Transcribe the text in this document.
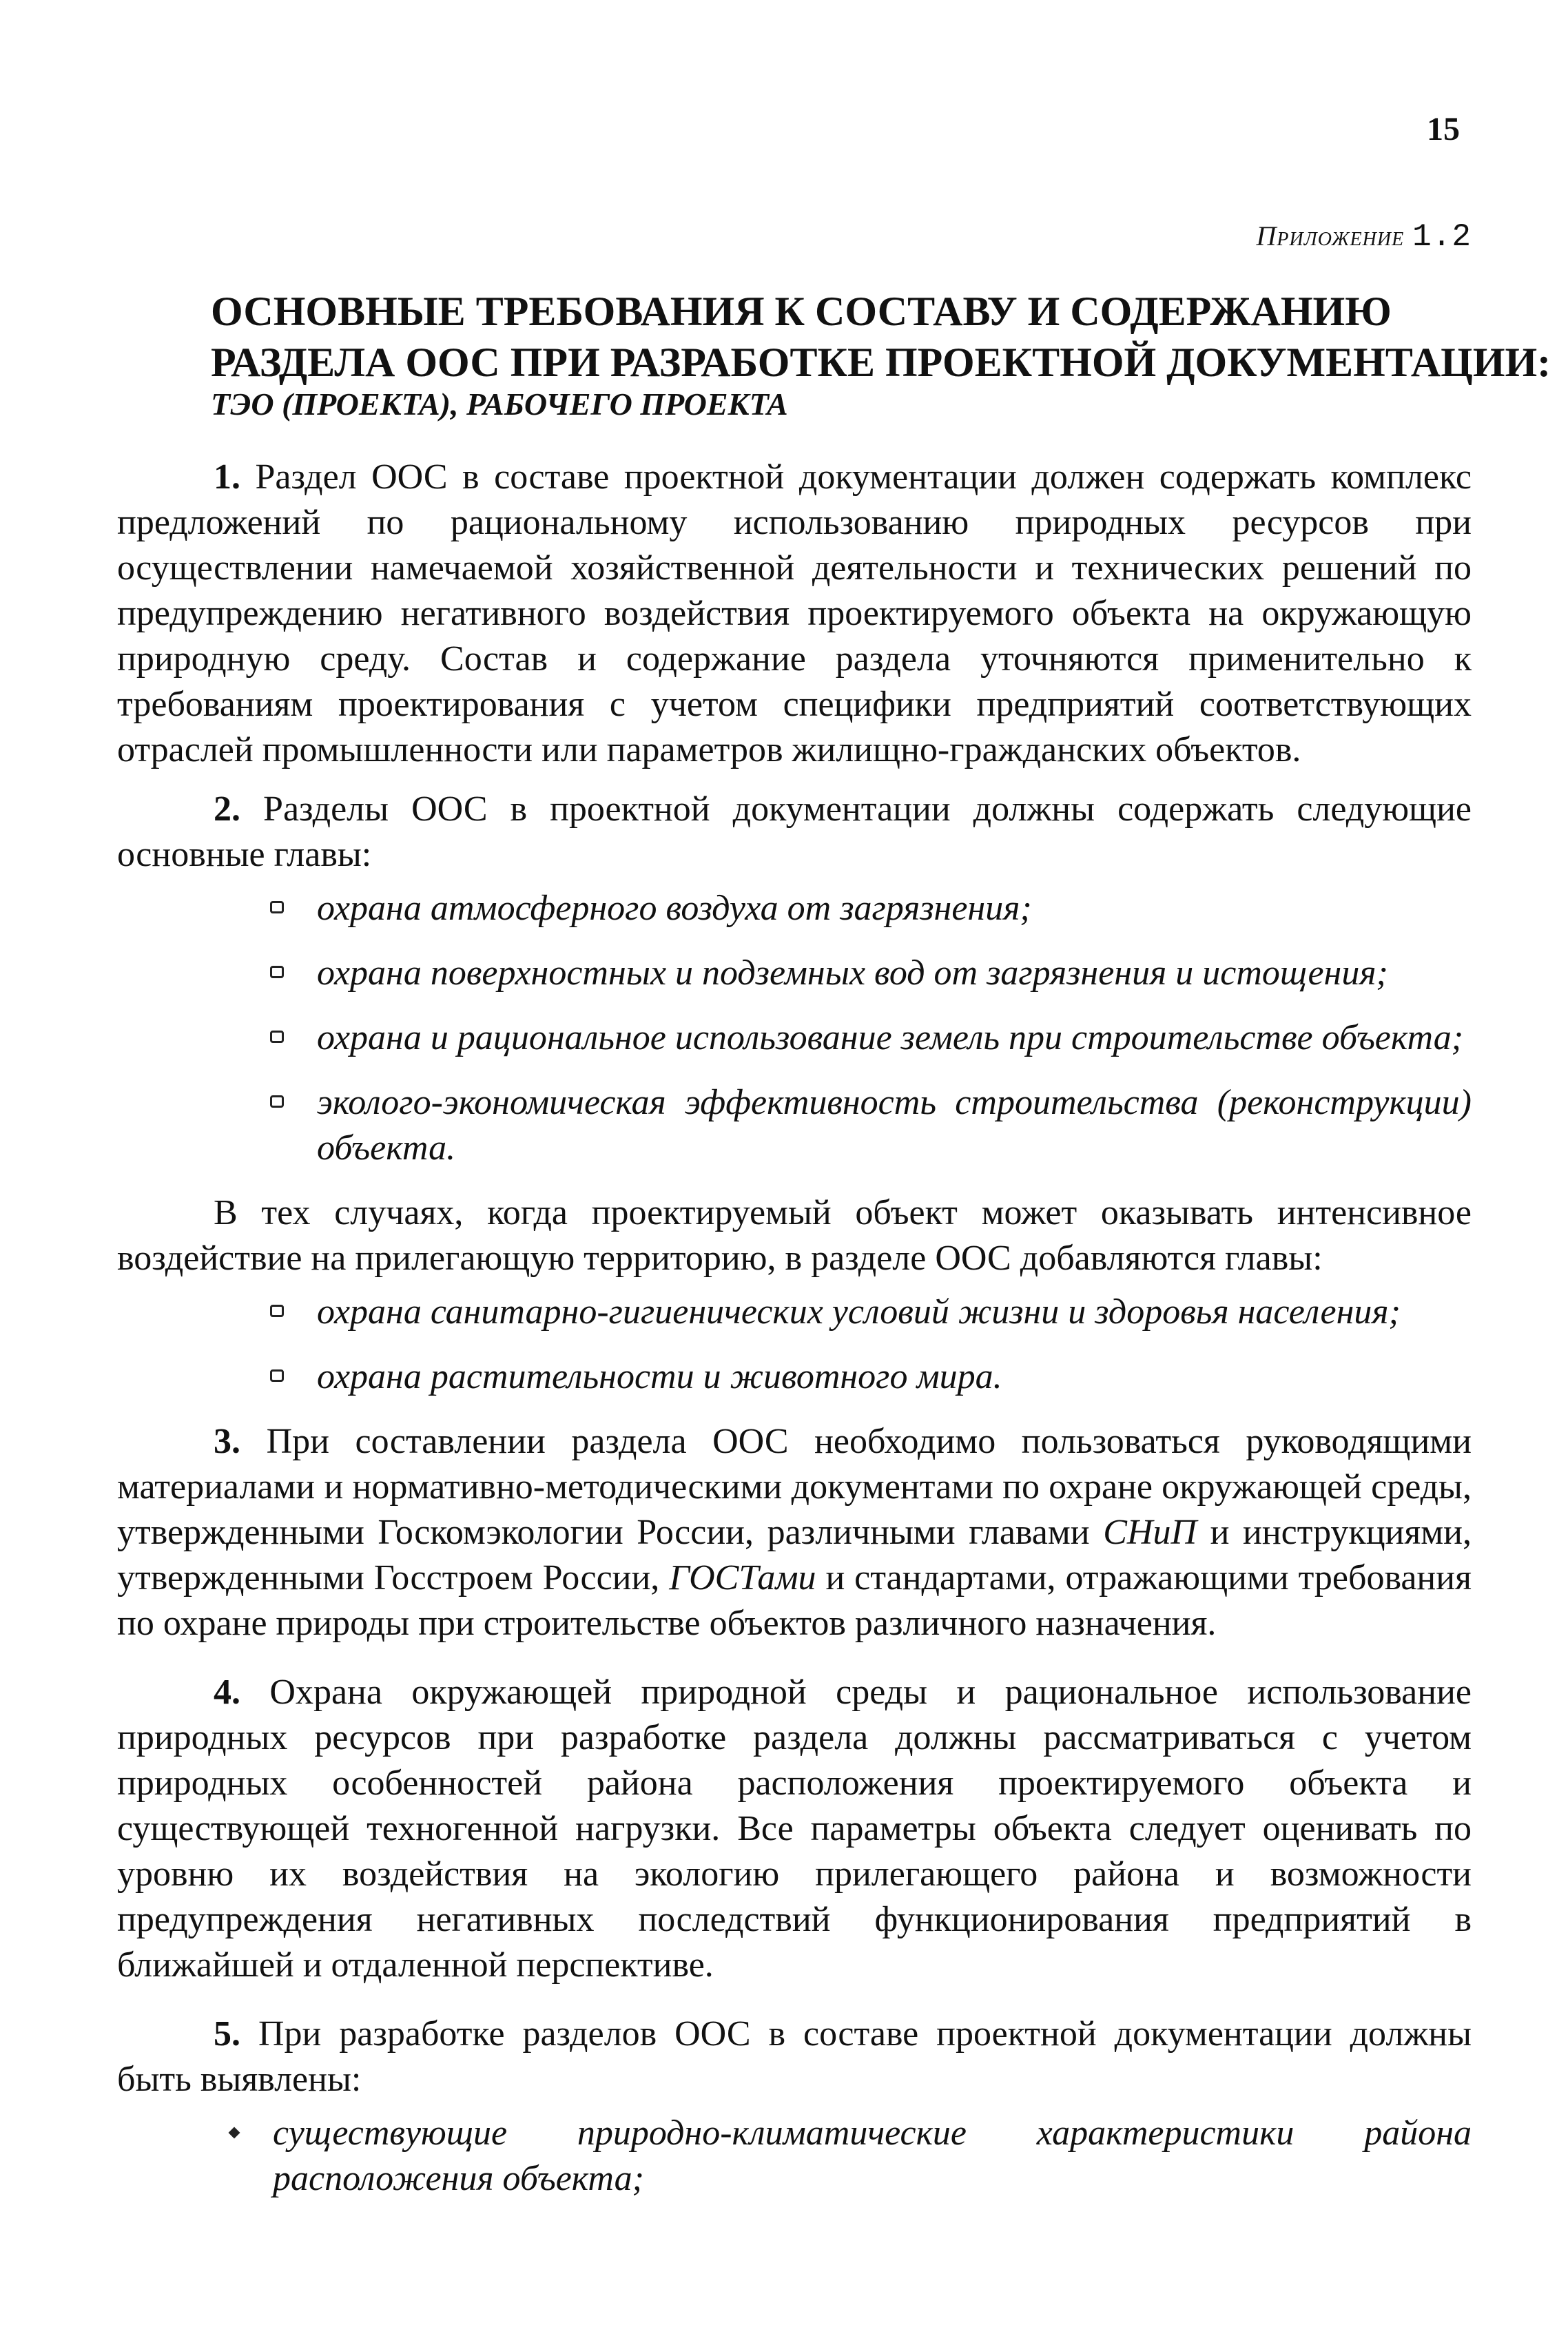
15
Приложение 1.2
ОСНОВНЫЕ ТРЕБОВАНИЯ К СОСТАВУ И СОДЕРЖАНИЮ
РАЗДЕЛА ООС ПРИ РАЗРАБОТКЕ ПРОЕКТНОЙ ДОКУМЕНТАЦИИ:
ТЭО (ПРОЕКТА), РАБОЧЕГО ПРОЕКТА

1. Раздел ООС в составе проектной документации должен содержать комплекс предложений по рациональному использованию природных ресурсов при осуществлении намечаемой хозяйственной деятельности и технических решений по предупреждению негативного воздействия проектируемого объекта на окружающую природную среду. Состав и содержание раздела уточняются применительно к требованиям проектирования с учетом специфики предприятий соответствующих отраслей промышленности или параметров жилищно-гражданских объектов.

2. Разделы ООС в проектной документации должны содержать следующие основные главы:

охрана атмосферного воздуха от загрязнения;
охрана поверхностных и подземных вод от загрязнения и истощения;
охрана и рациональное использование земель при строительстве объекта;
эколого-экономическая эффективность строительства (реконструкции) объекта.

В тех случаях, когда проектируемый объект может оказывать интенсивное воздействие на прилегающую территорию, в разделе ООС добавляются главы:

охрана санитарно-гигиенических условий жизни и здоровья населения;
охрана растительности и животного мира.

3. При составлении раздела ООС необходимо пользоваться руководящими материалами и нормативно-методическими документами по охране окружающей среды, утвержденными Госкомэкологии России, различными главами СНиП и инструкциями, утвержденными Госстроем России, ГОСТами и стандартами, отражающими требования по охране природы при строительстве объектов различного назначения.

4. Охрана окружающей природной среды и рациональное использование природных ресурсов при разработке раздела должны рассматриваться с учетом природных особенностей района расположения проектируемого объекта и существующей техногенной нагрузки. Все параметры объекта следует оценивать по уровню их воздействия на экологию прилегающего района и возможности предупреждения негативных последствий функционирования предприятий в ближайшей и отдаленной перспективе.

5. При разработке разделов ООС в составе проектной документации должны быть выявлены:

существующие природно-климатические характеристики района расположения объекта;
